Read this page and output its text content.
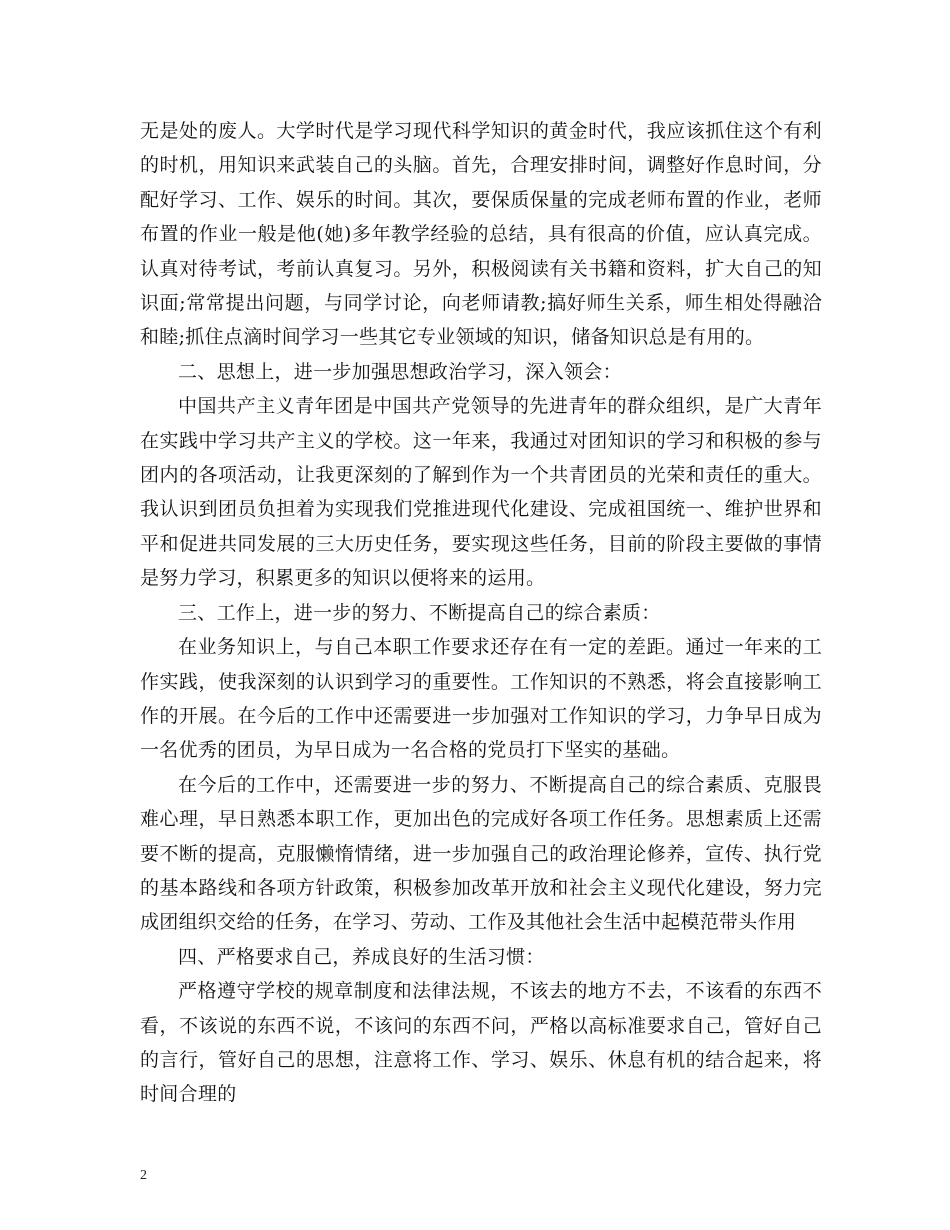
无是处的废人。大学时代是学习现代科学知识的黄金时代，我应该抓住这个有利的时机，用知识来武装自己的头脑。首先，合理安排时间，调整好作息时间，分配好学习、工作、娱乐的时间。其次，要保质保量的完成老师布置的作业，老师布置的作业一般是他(她)多年教学经验的总结，具有很高的价值，应认真完成。认真对待考试，考前认真复习。另外，积极阅读有关书籍和资料，扩大自己的知识面;常常提出问题，与同学讨论，向老师请教;搞好师生关系，师生相处得融洽和睦;抓住点滴时间学习一些其它专业领域的知识，储备知识总是有用的。

二、思想上，进一步加强思想政治学习，深入领会：

中国共产主义青年团是中国共产党领导的先进青年的群众组织，是广大青年在实践中学习共产主义的学校。这一年来，我通过对团知识的学习和积极的参与团内的各项活动，让我更深刻的了解到作为一个共青团员的光荣和责任的重大。我认识到团员负担着为实现我们党推进现代化建设、完成祖国统一、维护世界和平和促进共同发展的三大历史任务，要实现这些任务，目前的阶段主要做的事情是努力学习，积累更多的知识以便将来的运用。

三、工作上，进一步的努力、不断提高自己的综合素质：

在业务知识上，与自己本职工作要求还存在有一定的差距。通过一年来的工作实践，使我深刻的认识到学习的重要性。工作知识的不熟悉，将会直接影响工作的开展。在今后的工作中还需要进一步加强对工作知识的学习，力争早日成为一名优秀的团员，为早日成为一名合格的党员打下坚实的基础。

在今后的工作中，还需要进一步的努力、不断提高自己的综合素质、克服畏难心理，早日熟悉本职工作，更加出色的完成好各项工作任务。思想素质上还需要不断的提高，克服懒惰情绪，进一步加强自己的政治理论修养，宣传、执行党的基本路线和各项方针政策，积极参加改革开放和社会主义现代化建设，努力完成团组织交给的任务，在学习、劳动、工作及其他社会生活中起模范带头作用

四、严格要求自己，养成良好的生活习惯：

严格遵守学校的规章制度和法律法规，不该去的地方不去，不该看的东西不看，不该说的东西不说，不该问的东西不问，严格以高标准要求自己，管好自己的言行，管好自己的思想，注意将工作、学习、娱乐、休息有机的结合起来，将时间合理的

2
